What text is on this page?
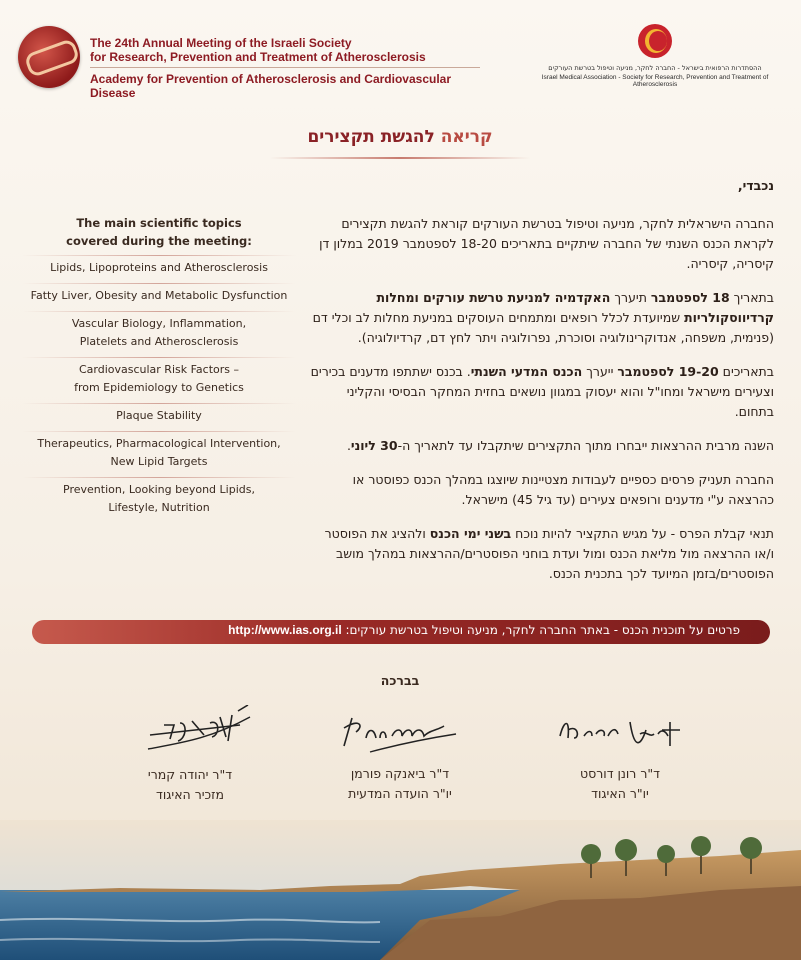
The 24th Annual Meeting of the Israeli Society
for Research, Prevention and Treatment of Atherosclerosis
Academy for Prevention of Atherosclerosis and Cardiovascular Disease
ההסתדרות הרפואית בישראל - החברה לחקר, מניעה וטיפול בטרשת העורקים
Israel Medical Association - Society for Research, Prevention and Treatment of Atherosclerosis
קריאה להגשת תקצירים
The main scientific topics
covered during the meeting:
Lipids, Lipoproteins and Atherosclerosis
Fatty Liver, Obesity and Metabolic Dysfunction
Vascular Biology, Inflammation,
Platelets and Atherosclerosis
Cardiovascular Risk Factors –
from Epidemiology to Genetics
Plaque Stability
Therapeutics, Pharmacological Intervention,
New Lipid Targets
Prevention, Looking beyond Lipids,
Lifestyle, Nutrition

נכבדי,

החברה הישראלית לחקר, מניעה וטיפול בטרשת העורקים קוראת להגשת תקצירים לקראת הכנס השנתי של החברה שיתקיים בתאריכים 18-20 לספטמבר 2019 במלון דן קיסריה, קיסריה.

בתאריך 18 לספטמבר תיערך האקדמיה למניעת טרשת עורקים ומחלות קרדיווסקולריות שמיועדת לכלל רופאים ומתמחים העוסקים במניעת מחלות לב וכלי דם (פנימית, משפחה, אנדוקרינולוגיה וסוכרת, נפרולוגיה ויתר לחץ דם, קרדיולוגיה).

בתאריכים 19-20 לספטמבר ייערך הכנס המדעי השנתי. בכנס ישתתפו מדענים בכירים וצעירים מישראל ומחו"ל והוא יעסוק במגוון נושאים בחזית המחקר הבסיסי והקליני בתחום.

השנה מרבית ההרצאות ייבחרו מתוך התקצירים שיתקבלו עד לתאריך ה-30 ליוני.

החברה תעניק פרסים כספיים לעבודות מצטיינות שיוצגו במהלך הכנס כפוסטר או כהרצאה ע"י מדענים ורופאים צעירים (עד גיל 45) מישראל.

תנאי קבלת הפרס - על מגיש התקציר להיות נוכח בשני ימי הכנס ולהציג את הפוסטר ו/או ההרצאה מול מליאת הכנס ומול ועדת בוחני הפוסטרים/ההרצאות במהלך מושב הפוסטרים/בזמן המיועד לכך בתכנית הכנס.

פרטים על תוכנית הכנס - באתר החברה לחקר, מניעה וטיפול בטרשת עורקים: http://www.ias.org.il
בברכה
ד"ר רונן דורסט
יו"ר האיגוד
ד"ר ביאנקה פורמן
יו"ר הועדה המדעית
ד"ר יהודה קמרי
מזכיר האיגוד
